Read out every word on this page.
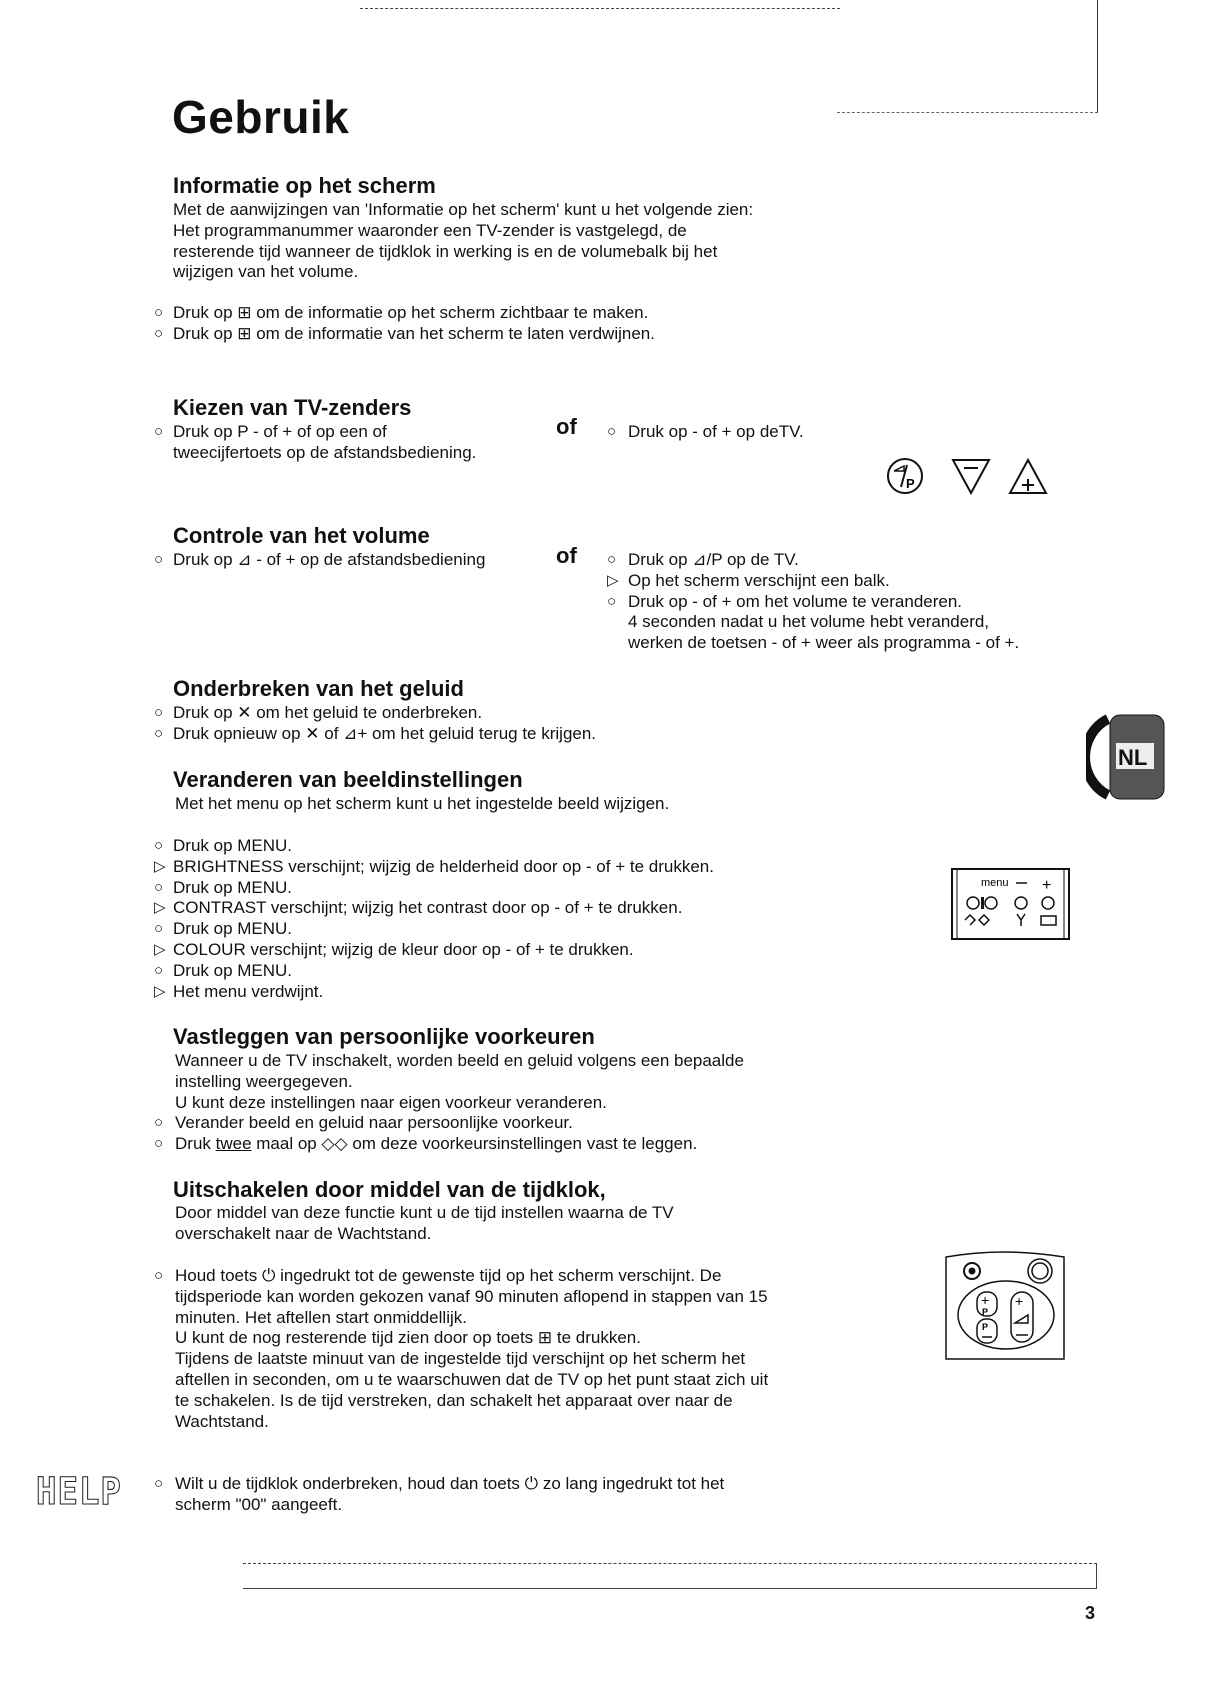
Gebruik
Informatie op het scherm
Met de aanwijzingen van 'Informatie op het scherm' kunt u het volgende zien:
Het programmanummer waaronder een TV-zender is vastgelegd, de
resterende tijd wanneer de tijdklok in werking is en de volumebalk bij het
wijzigen van het volume.
○ Druk op ⊞ om de informatie op het scherm zichtbaar te maken.
○ Druk op ⊞ om de informatie van het scherm te laten verdwijnen.
Kiezen van TV-zenders
○ Druk op P - of + of op een of
tweecijfertoets op de afstandsbediening.
○ Druk op - of + op deTV.
Controle van het volume
○ Druk op ⊿ - of + op de afstandsbediening	○ Druk op ⊿/P op de TV.
▷ Op het scherm verschijnt een balk.
○ Druk op - of + om het volume te veranderen.
4 seconden nadat u het volume hebt veranderd,
werken de toetsen - of + weer als programma - of +.
Onderbreken van het geluid
○ Druk op ✕ om het geluid te onderbreken.
○ Druk opnieuw op ✕ of ⊿+ om het geluid terug te krijgen.
Veranderen van beeldinstellingen
Met het menu op het scherm kunt u het ingestelde beeld wijzigen.
○ Druk op MENU.
▷ BRIGHTNESS verschijnt; wijzig de helderheid door op - of + te drukken.
○ Druk op MENU.
▷ CONTRAST verschijnt; wijzig het contrast door op - of + te drukken.
○ Druk op MENU.
▷ COLOUR verschijnt; wijzig de kleur door op - of + te drukken.
○ Druk op MENU.
▷ Het menu verdwijnt.
Vastleggen van persoonlijke voorkeuren
Wanneer u de TV inschakelt, worden beeld en geluid volgens een bepaalde
instelling weergegeven.
U kunt deze instellingen naar eigen voorkeur veranderen.
○ Verander beeld en geluid naar persoonlijke voorkeur.
○ Druk twee maal op ◇◇ om deze voorkeursinstellingen vast te leggen.
Uitschakelen door middel van de tijdklok,
Door middel van deze functie kunt u de tijd instellen waarna de TV
overschakelt naar de Wachtstand.
○ Houd toets ⏻ ingedrukt tot de gewenste tijd op het scherm verschijnt. De
tijdsperiode kan worden gekozen vanaf 90 minuten aflopend in stappen van 15
minuten. Het aftellen start onmiddellijk.
U kunt de nog resterende tijd zien door op toets ⊞ te drukken.
Tijdens de laatste minuut van de ingestelde tijd verschijnt op het scherm het
aftellen in seconden, om u te waarschuwen dat de TV op het punt staat zich uit
te schakelen. Is de tijd verstreken, dan schakelt het apparaat over naar de
Wachtstand.
○ Wilt u de tijdklok onderbreken, houd dan toets ⏻ zo lang ingedrukt tot het
scherm "00" aangeeft.
of
of
P
NL
menu +
+
P
P
+
HELP
3
